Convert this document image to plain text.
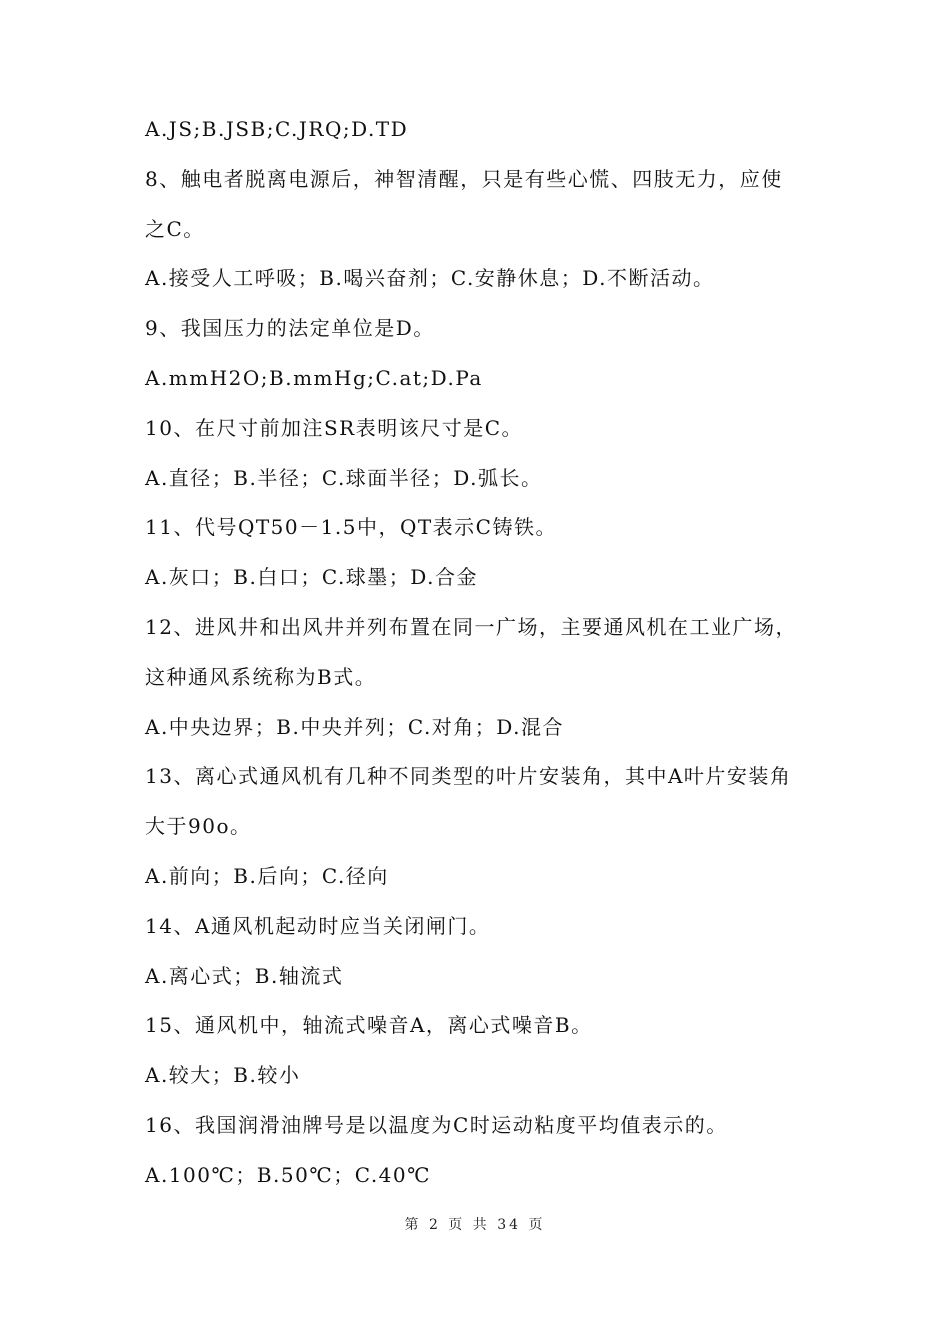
A.JS;B.JSB;C.JRQ;D.TD
8、触电者脱离电源后，神智清醒，只是有些心慌、四肢无力，应使
之C。
A.接受人工呼吸；B.喝兴奋剂；C.安静休息；D.不断活动。
9、我国压力的法定单位是D。
A.mmH2O;B.mmHg;C.at;D.Pa
10、在尺寸前加注SR表明该尺寸是C。
A.直径；B.半径；C.球面半径；D.弧长。
11、代号QT50－1.5中，QT表示C铸铁。
A.灰口；B.白口；C.球墨；D.合金
12、进风井和出风井并列布置在同一广场，主要通风机在工业广场，
这种通风系统称为B式。
A.中央边界；B.中央并列；C.对角；D.混合
13、离心式通风机有几种不同类型的叶片安装角，其中A叶片安装角
大于90o。
A.前向；B.后向；C.径向
14、A通风机起动时应当关闭闸门。
A.离心式；B.轴流式
15、通风机中，轴流式噪音A，离心式噪音B。
A.较大；B.较小
16、我国润滑油牌号是以温度为C时运动粘度平均值表示的。
A.100℃；B.50℃；C.40℃
第 2 页 共 34 页
